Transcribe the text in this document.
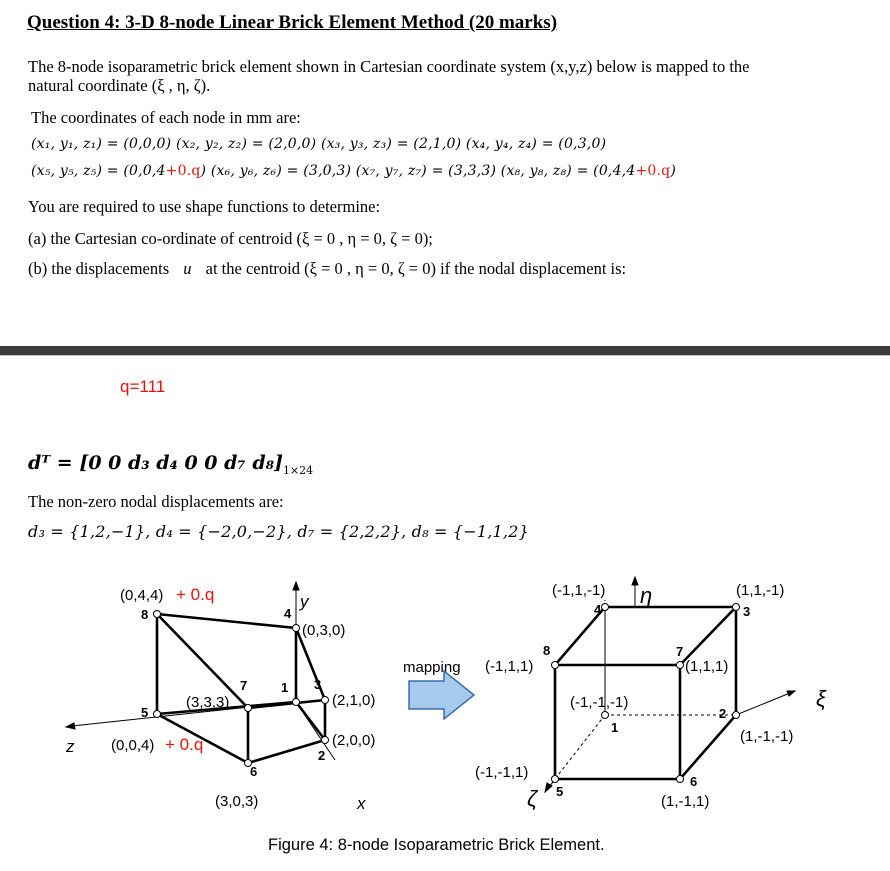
Question 4: 3-D 8-node Linear Brick Element Method (20 marks)
The 8-node isoparametric brick element shown in Cartesian coordinate system (x,y,z) below is mapped to the
natural coordinate (ξ , η, ζ).
The coordinates of each node in mm are:
(x₁, y₁, z₁) = (0,0,0) (x₂, y₂, z₂) = (2,0,0) (x₃, y₃, z₃) = (2,1,0) (x₄, y₄, z₄) = (0,3,0)
(x₅, y₅, z₅) = (0,0,4+0.q) (x₆, y₆, z₆) = (3,0,3) (x₇, y₇, z₇) = (3,3,3) (x₈, y₈, z₈) = (0,4,4+0.q)
You are required to use shape functions to determine:
(a) the Cartesian co-ordinate of centroid (ξ = 0 , η = 0, ζ = 0);
(b) the displacements u at the centroid (ξ = 0 , η = 0, ζ = 0) if the nodal displacement is:
q=111
dᵀ = [0 0 d₃ d₄ 0 0 d₇ $d_8]_{1\times 24}$
The non-zero nodal displacements are:
d₃ = {1,2,−1}, d₄ = {−2,0,−2}, d₇ = {2,2,2}, d₈ = {−1,1,2}
8
5
7
6
4
1 3
2
(0,4,4) + 0.q
(0,0,4) + 0.q
(3,3,3)
(3,0,3)
(0,3,0)
(2,1,0)
(2,0,0)
y
z
x
mapping
4	3
8	7
1
2
5
6
(-1,1,-1)	(1,1,-1)
(-1,1,1)	(1,1,1)
(-1,-1,-1)
(1,-1,-1)
(-1,-1,1)
(1,-1,1)
η
ξ
ζ
Figure 4: 8-node Isoparametric Brick Element.
